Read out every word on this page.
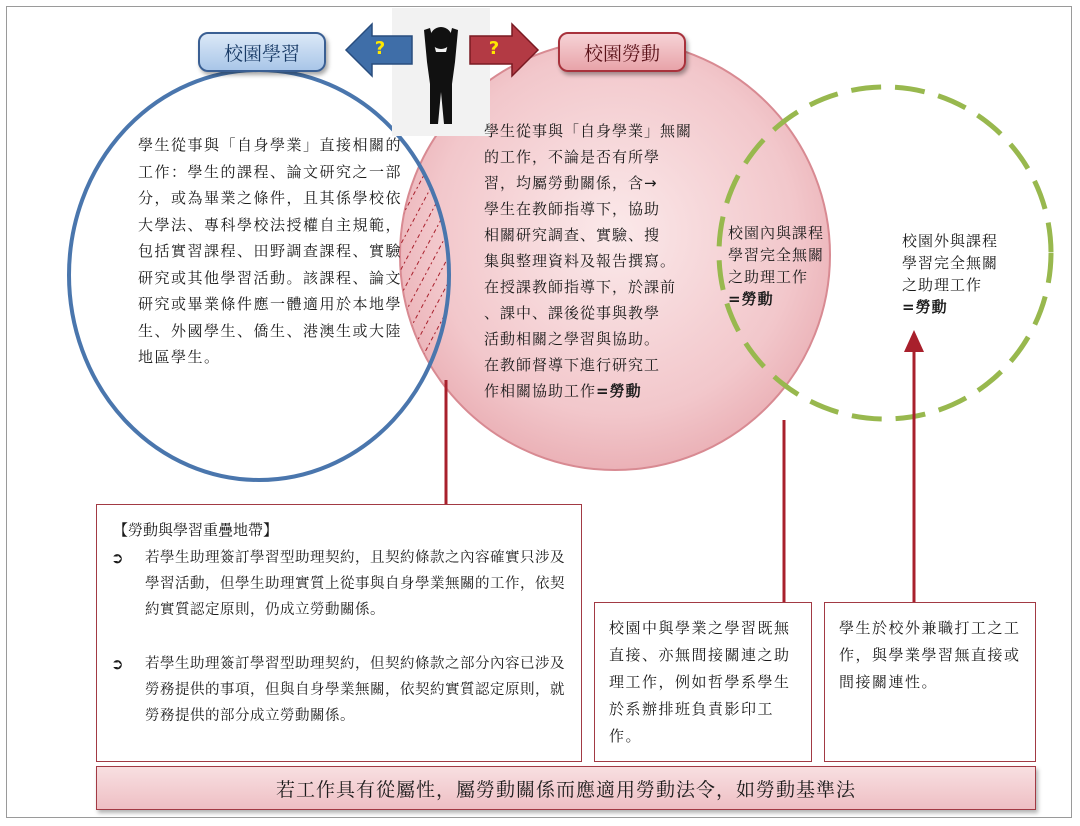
校園學習	校園勞動
?	?
學生從事與「自身學業」直接相關的工作：學生的課程、論文研究之一部分，或為畢業之條件，且其係學校依大學法、專科學校法授權自主規範，包括實習課程、田野調查課程、實驗研究或其他學習活動。該課程、論文研究或畢業條件應一體適用於本地學生、外國學生、僑生、港澳生或大陸地區學生。
學生從事與「自身學業」無關
的工作，不論是否有所學
習，均屬勞動關係，含→
學生在教師指導下，協助
相關研究調查、實驗、搜
集與整理資料及報告撰寫。
在授課教師指導下，於課前
、課中、課後從事與教學
活動相關之學習與協助。
在教師督導下進行研究工
作相關協助工作=勞動
校園內與課程
學習完全無關
之助理工作
=勞動
校園外與課程
學習完全無關
之助理工作
=勞動
【勞動與學習重疊地帶】
➲	若學生助理簽訂學習型助理契約，且契約條款之內容確實只涉及學習活動，但學生助理實質上從事與自身學業無關的工作，依契約實質認定原則，仍成立勞動關係。
➲	若學生助理簽訂學習型助理契約，但契約條款之部分內容已涉及勞務提供的事項，但與自身學業無關，依契約實質認定原則，就勞務提供的部分成立勞動關係。
校園中與學業之學習既無直接、亦無間接關連之助理工作，例如哲學系學生於系辦排班負責影印工作。
學生於校外兼職打工之工作，與學業學習無直接或間接關連性。
若工作具有從屬性，屬勞動關係而應適用勞動法令，如勞動基準法
